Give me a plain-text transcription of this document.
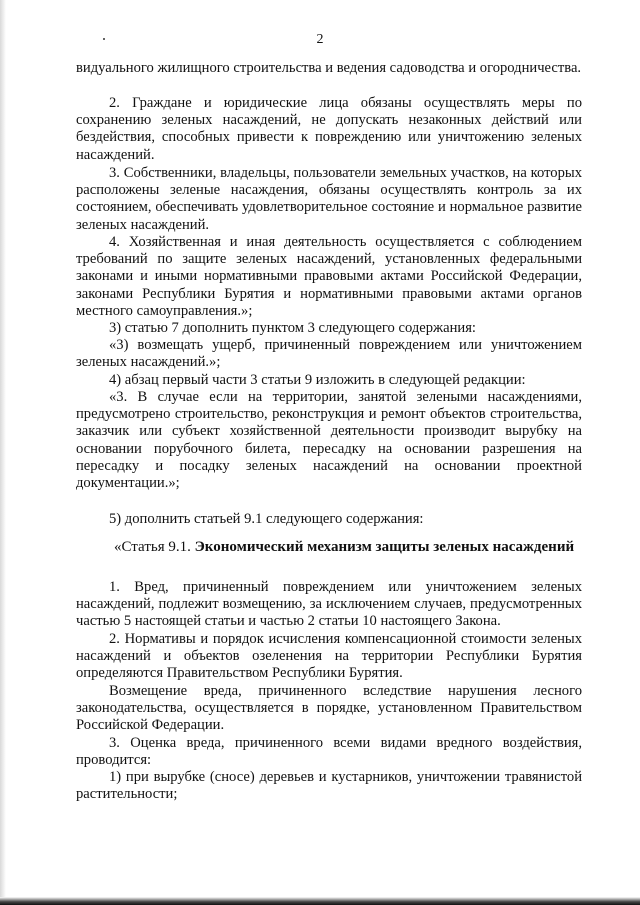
2

видуального жилищного строительства и ведения садоводства и огородничества.

2. Граждане и юридические лица обязаны осуществлять меры по сохранению зеленых насаждений, не допускать незаконных действий или бездействия, способных привести к повреждению или уничтожению зеленых насаждений.

3. Собственники, владельцы, пользователи земельных участков, на которых расположены зеленые насаждения, обязаны осуществлять контроль за их состоянием, обеспечивать удовлетворительное состояние и нормальное развитие зеленых насаждений.

4. Хозяйственная и иная деятельность осуществляется с соблюдением требований по защите зеленых насаждений, установленных федеральными законами и иными нормативными правовыми актами Российской Федерации, законами Республики Бурятия и нормативными правовыми актами органов местного самоуправления.»;

3) статью 7 дополнить пунктом 3 следующего содержания:

«3) возмещать ущерб, причиненный повреждением или уничтожением зеленых насаждений.»;

4) абзац первый части 3 статьи 9 изложить в следующей редакции:

«3. В случае если на территории, занятой зелеными насаждениями, предусмотрено строительство, реконструкция и ремонт объектов строительства, заказчик или субъект хозяйственной деятельности производит вырубку на основании порубочного билета, пересадку на основании разрешения на пересадку и посадку зеленых насаждений на основании проектной документации.»;

5) дополнить статьей 9.1 следующего содержания:

«Статья 9.1. Экономический механизм защиты зеленых насаждений

1. Вред, причиненный повреждением или уничтожением зеленых насаждений, подлежит возмещению, за исключением случаев, предусмотренных частью 5 настоящей статьи и частью 2 статьи 10 настоящего Закона.

2. Нормативы и порядок исчисления компенсационной стоимости зеленых насаждений и объектов озеленения на территории Республики Бурятия определяются Правительством Республики Бурятия.

Возмещение вреда, причиненного вследствие нарушения лесного законодательства, осуществляется в порядке, установленном Правительством Российской Федерации.

3. Оценка вреда, причиненного всеми видами вредного воздействия, проводится:

1) при вырубке (сносе) деревьев и кустарников, уничтожении травянистой растительности;
